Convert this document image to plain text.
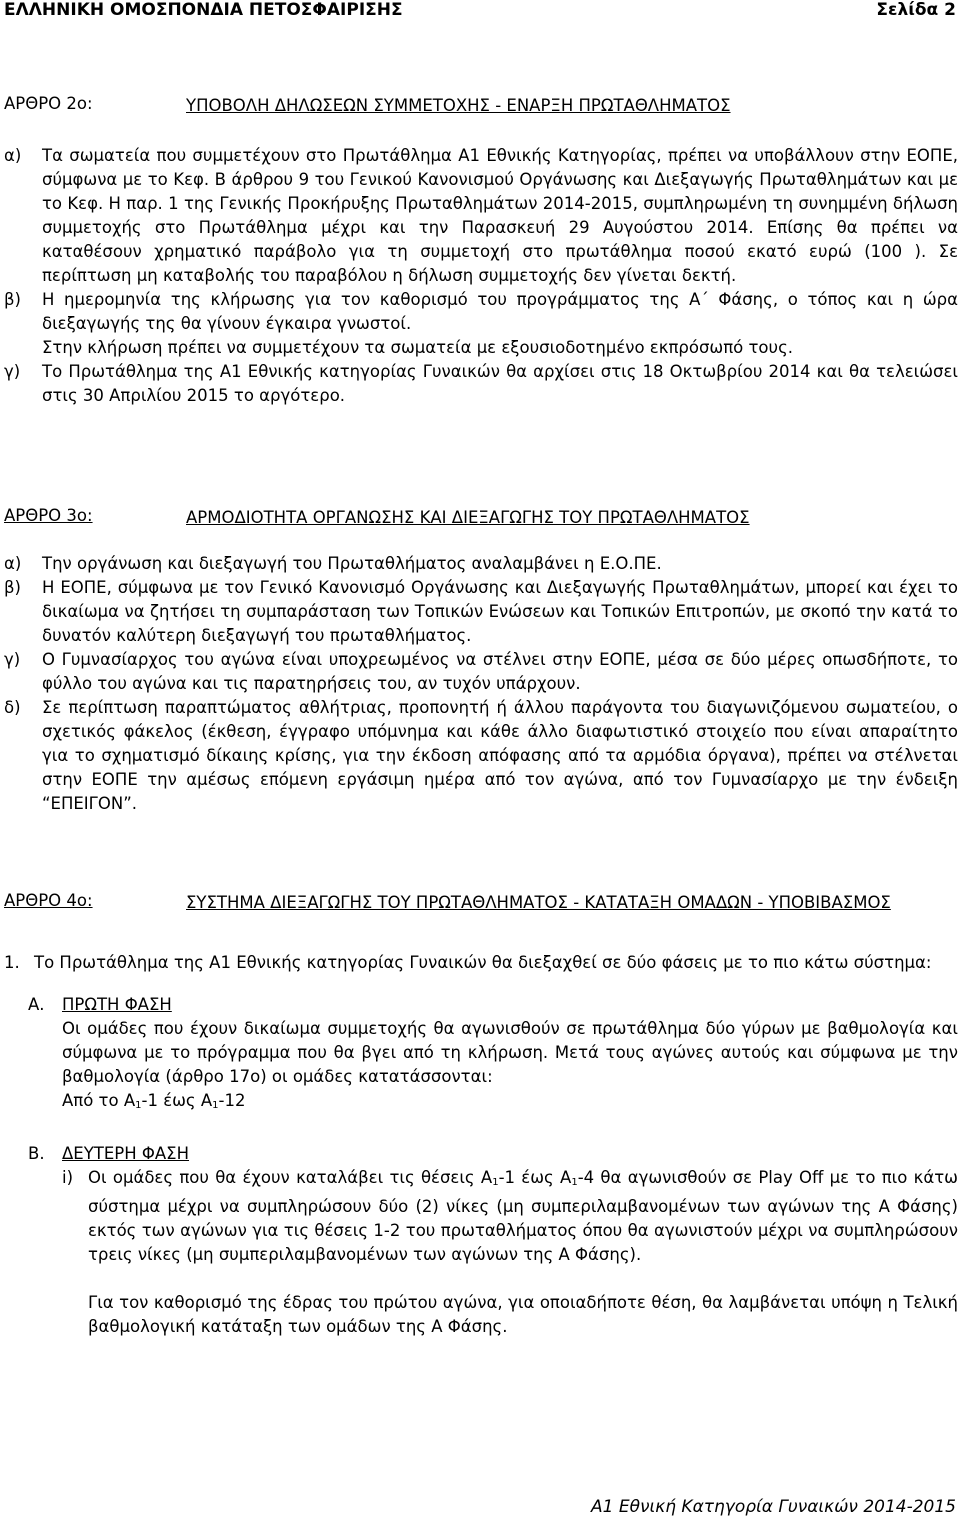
ΕΛΛΗΝΙΚΗ ΟΜΟΣΠΟΝΔΙΑ ΠΕΤΟΣΦΑΙΡΙΣΗΣ	Σελίδα 2
ΑΡΘΡΟ 2ο:	ΥΠΟΒΟΛΗ ΔΗΛΩΣΕΩΝ ΣΥΜΜΕΤΟΧΗΣ - ΕΝΑΡΞΗ ΠΡΩΤΑΘΛΗΜΑΤΟΣ
α)	Τα σωματεία που συμμετέχουν στο Πρωτάθλημα Α1 Εθνικής Κατηγορίας, πρέπει να υποβάλλουν στην ΕΟΠΕ, σύμφωνα με το Κεφ. Β άρθρου 9 του Γενικού Κανονισμού Οργάνωσης και Διεξαγωγής Πρωταθλημάτων και με το Κεφ. Η παρ. 1 της Γενικής Προκήρυξης Πρωταθλημάτων 2014-2015, συμπληρωμένη τη συνημμένη δήλωση συμμετοχής στο Πρωτάθλημα μέχρι και την Παρασκευή 29 Αυγούστου 2014. Επίσης θα πρέπει να καταθέσουν χρηματικό παράβολο για τη συμμετοχή στο πρωτάθλημα ποσού εκατό ευρώ (100 ). Σε περίπτωση μη καταβολής του παραβόλου η δήλωση συμμετοχής δεν γίνεται δεκτή.
β)	Η ημερομηνία της κλήρωσης για τον καθορισμό του προγράμματος της Α΄ Φάσης, ο τόπος και η ώρα διεξαγωγής της θα γίνουν έγκαιρα γνωστοί.
Στην κλήρωση πρέπει να συμμετέχουν τα σωματεία με εξουσιοδοτημένο εκπρόσωπό τους.
γ)	Το Πρωτάθλημα της Α1 Εθνικής κατηγορίας Γυναικών θα αρχίσει στις 18 Οκτωβρίου 2014 και θα τελειώσει στις 30 Απριλίου 2015 το αργότερο.
ΑΡΘΡΟ 3ο:	ΑΡΜΟΔΙΟΤΗΤΑ ΟΡΓΑΝΩΣΗΣ ΚΑΙ ΔΙΕΞΑΓΩΓΗΣ ΤΟΥ ΠΡΩΤΑΘΛΗΜΑΤΟΣ
α)	Την οργάνωση και διεξαγωγή του Πρωταθλήματος αναλαμβάνει η Ε.Ο.ΠΕ.
β)	Η ΕΟΠΕ, σύμφωνα με τον Γενικό Κανονισμό Οργάνωσης και Διεξαγωγής Πρωταθλημάτων, μπορεί και έχει το δικαίωμα να ζητήσει τη συμπαράσταση των Τοπικών Ενώσεων και Τοπικών Επιτροπών, με σκοπό την κατά το δυνατόν καλύτερη διεξαγωγή του πρωταθλήματος.
γ)	Ο Γυμνασίαρχος του αγώνα είναι υποχρεωμένος να στέλνει στην ΕΟΠΕ, μέσα σε δύο μέρες οπωσδήποτε, το φύλλο του αγώνα και τις παρατηρήσεις του, αν τυχόν υπάρχουν.
δ)	Σε περίπτωση παραπτώματος αθλήτριας, προπονητή ή άλλου παράγοντα του διαγωνιζόμενου σωματείου, ο σχετικός φάκελος (έκθεση, έγγραφο υπόμνημα και κάθε άλλο διαφωτιστικό στοιχείο που είναι απαραίτητο για το σχηματισμό δίκαιης κρίσης, για την έκδοση απόφασης από τα αρμόδια όργανα), πρέπει να στέλνεται στην ΕΟΠΕ την αμέσως επόμενη εργάσιμη ημέρα από τον αγώνα, από τον Γυμνασίαρχο με την ένδειξη “ΕΠΕΙΓΟΝ”.
ΑΡΘΡΟ 4ο:	ΣΥΣΤΗΜΑ ΔΙΕΞΑΓΩΓΗΣ ΤΟΥ ΠΡΩΤΑΘΛΗΜΑΤΟΣ - ΚΑΤΑΤΑΞΗ ΟΜΑΔΩΝ - ΥΠΟΒΙΒΑΣΜΟΣ
1. Το Πρωτάθλημα της Α1 Εθνικής κατηγορίας Γυναικών θα διεξαχθεί σε δύο φάσεις με το πιο κάτω σύστημα:
Α.	ΠΡΩΤΗ ΦΑΣΗ
Οι ομάδες που έχουν δικαίωμα συμμετοχής θα αγωνισθούν σε πρωτάθλημα δύο γύρων με βαθμολογία και σύμφωνα με το πρόγραμμα που θα βγει από τη κλήρωση. Μετά τους αγώνες αυτούς και σύμφωνα με την βαθμολογία (άρθρο 17ο) οι ομάδες κατατάσσονται:
Από το $A_1-1$ έως $A_1-12$
Β.	ΔΕΥΤΕΡΗ ΦΑΣΗ
i) Οι ομάδες που θα έχουν καταλάβει τις θέσεις $A_1-1$ έως $A_1-4$ θα αγωνισθούν σε Play Off με το πιο κάτω σύστημα μέχρι να συμπληρώσουν δύο (2) νίκες (μη συμπεριλαμβανομένων των αγώνων της Α Φάσης) εκτός των αγώνων για τις θέσεις 1-2 του πρωταθλήματος όπου θα αγωνιστούν μέχρι να συμπληρώσουν τρεις νίκες (μη συμπεριλαμβανομένων των αγώνων της Α Φάσης).
Για τον καθορισμό της έδρας του πρώτου αγώνα, για οποιαδήποτε θέση, θα λαμβάνεται υπόψη η Τελική βαθμολογική κατάταξη των ομάδων της Α Φάσης.
Α1 Εθνική Κατηγορία Γυναικών 2014-2015
